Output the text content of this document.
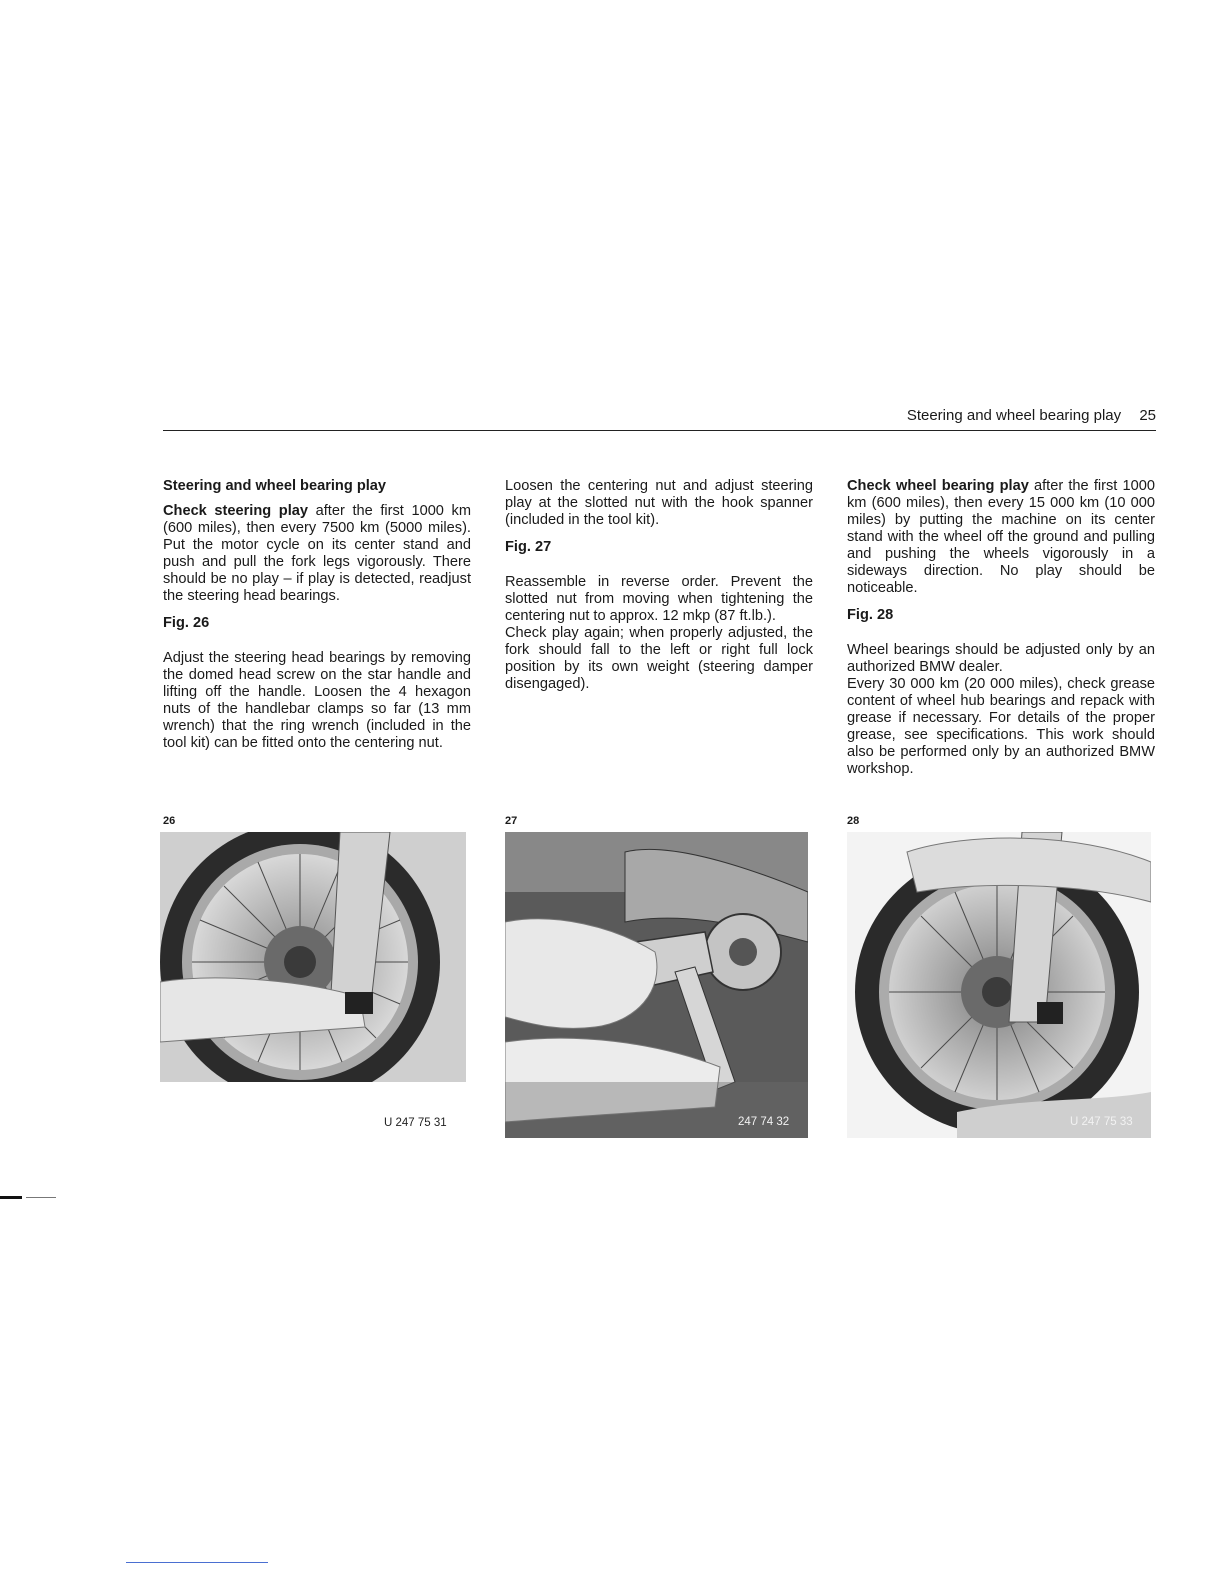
Steering and wheel bearing play 25
Steering and wheel bearing play

Check steering play after the first 1000 km (600 miles), then every 7500 km (5000 miles). Put the motor cycle on its center stand and push and pull the fork legs vigorously. There should be no play – if play is detected, readjust the steering head bearings.

Fig. 26

Adjust the steering head bearings by removing the domed head screw on the star handle and lifting off the handle. Loosen the 4 hexagon nuts of the handlebar clamps so far (13 mm wrench) that the ring wrench (included in the tool kit) can be fitted onto the centering nut.

Loosen the centering nut and adjust steering play at the slotted nut with the hook spanner (included in the tool kit).

Fig. 27

Reassemble in reverse order. Prevent the slotted nut from moving when tightening the centering nut to approx. 12 mkp (87 ft.lb.).

Check play again; when properly adjusted, the fork should fall to the left or right full lock position by its own weight (steering damper disengaged).

Check wheel bearing play after the first 1000 km (600 miles), then every 15 000 km (10 000 miles) by putting the machine on its center stand with the wheel off the ground and pulling and pushing the wheels vigorously in a sideways direction. No play should be noticeable.

Fig. 28

Wheel bearings should be adjusted only by an authorized BMW dealer.

Every 30 000 km (20 000 miles), check grease content of wheel hub bearings and repack with grease if necessary. For details of the proper grease, see specifications. This work should also be performed only by an authorized BMW workshop.

26	27	28
U 247 75 31	247 74 32	U 247 75 33
